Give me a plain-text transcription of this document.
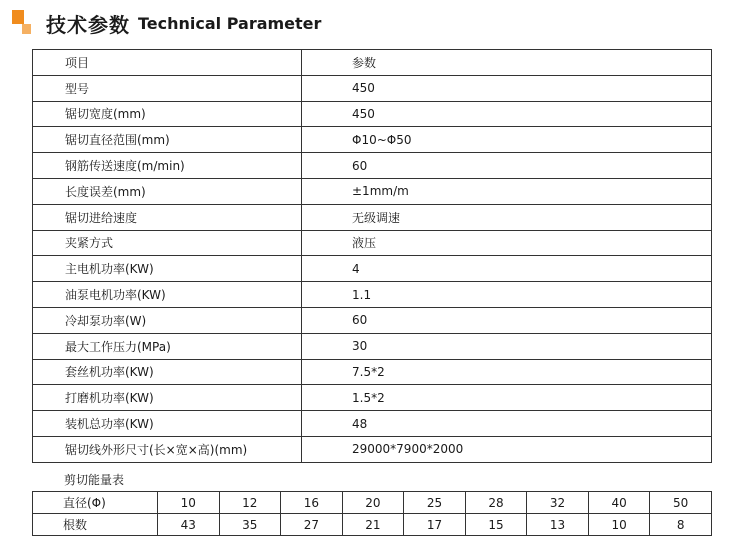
技术参数 Technical Parameter
项目	参数
型号	450
锯切宽度(mm)	450
锯切直径范围(mm)	Φ10~Φ50
钢筋传送速度(m/min)	60
长度误差(mm)	±1mm/m
锯切进给速度	无级调速
夹紧方式	液压
主电机功率(KW)	4
油泵电机功率(KW)	1.1
冷却泵功率(W)	60
最大工作压力(MPa)	30
套丝机功率(KW)	7.5*2
打磨机功率(KW)	1.5*2
装机总功率(KW)	48
锯切线外形尺寸(长×宽×高)(mm)	29000*7900*2000
剪切能量表
直径(Φ)	10	12	16	20	25	28	32	40	50
根数	43	35	27	21	17	15	13	10	8
